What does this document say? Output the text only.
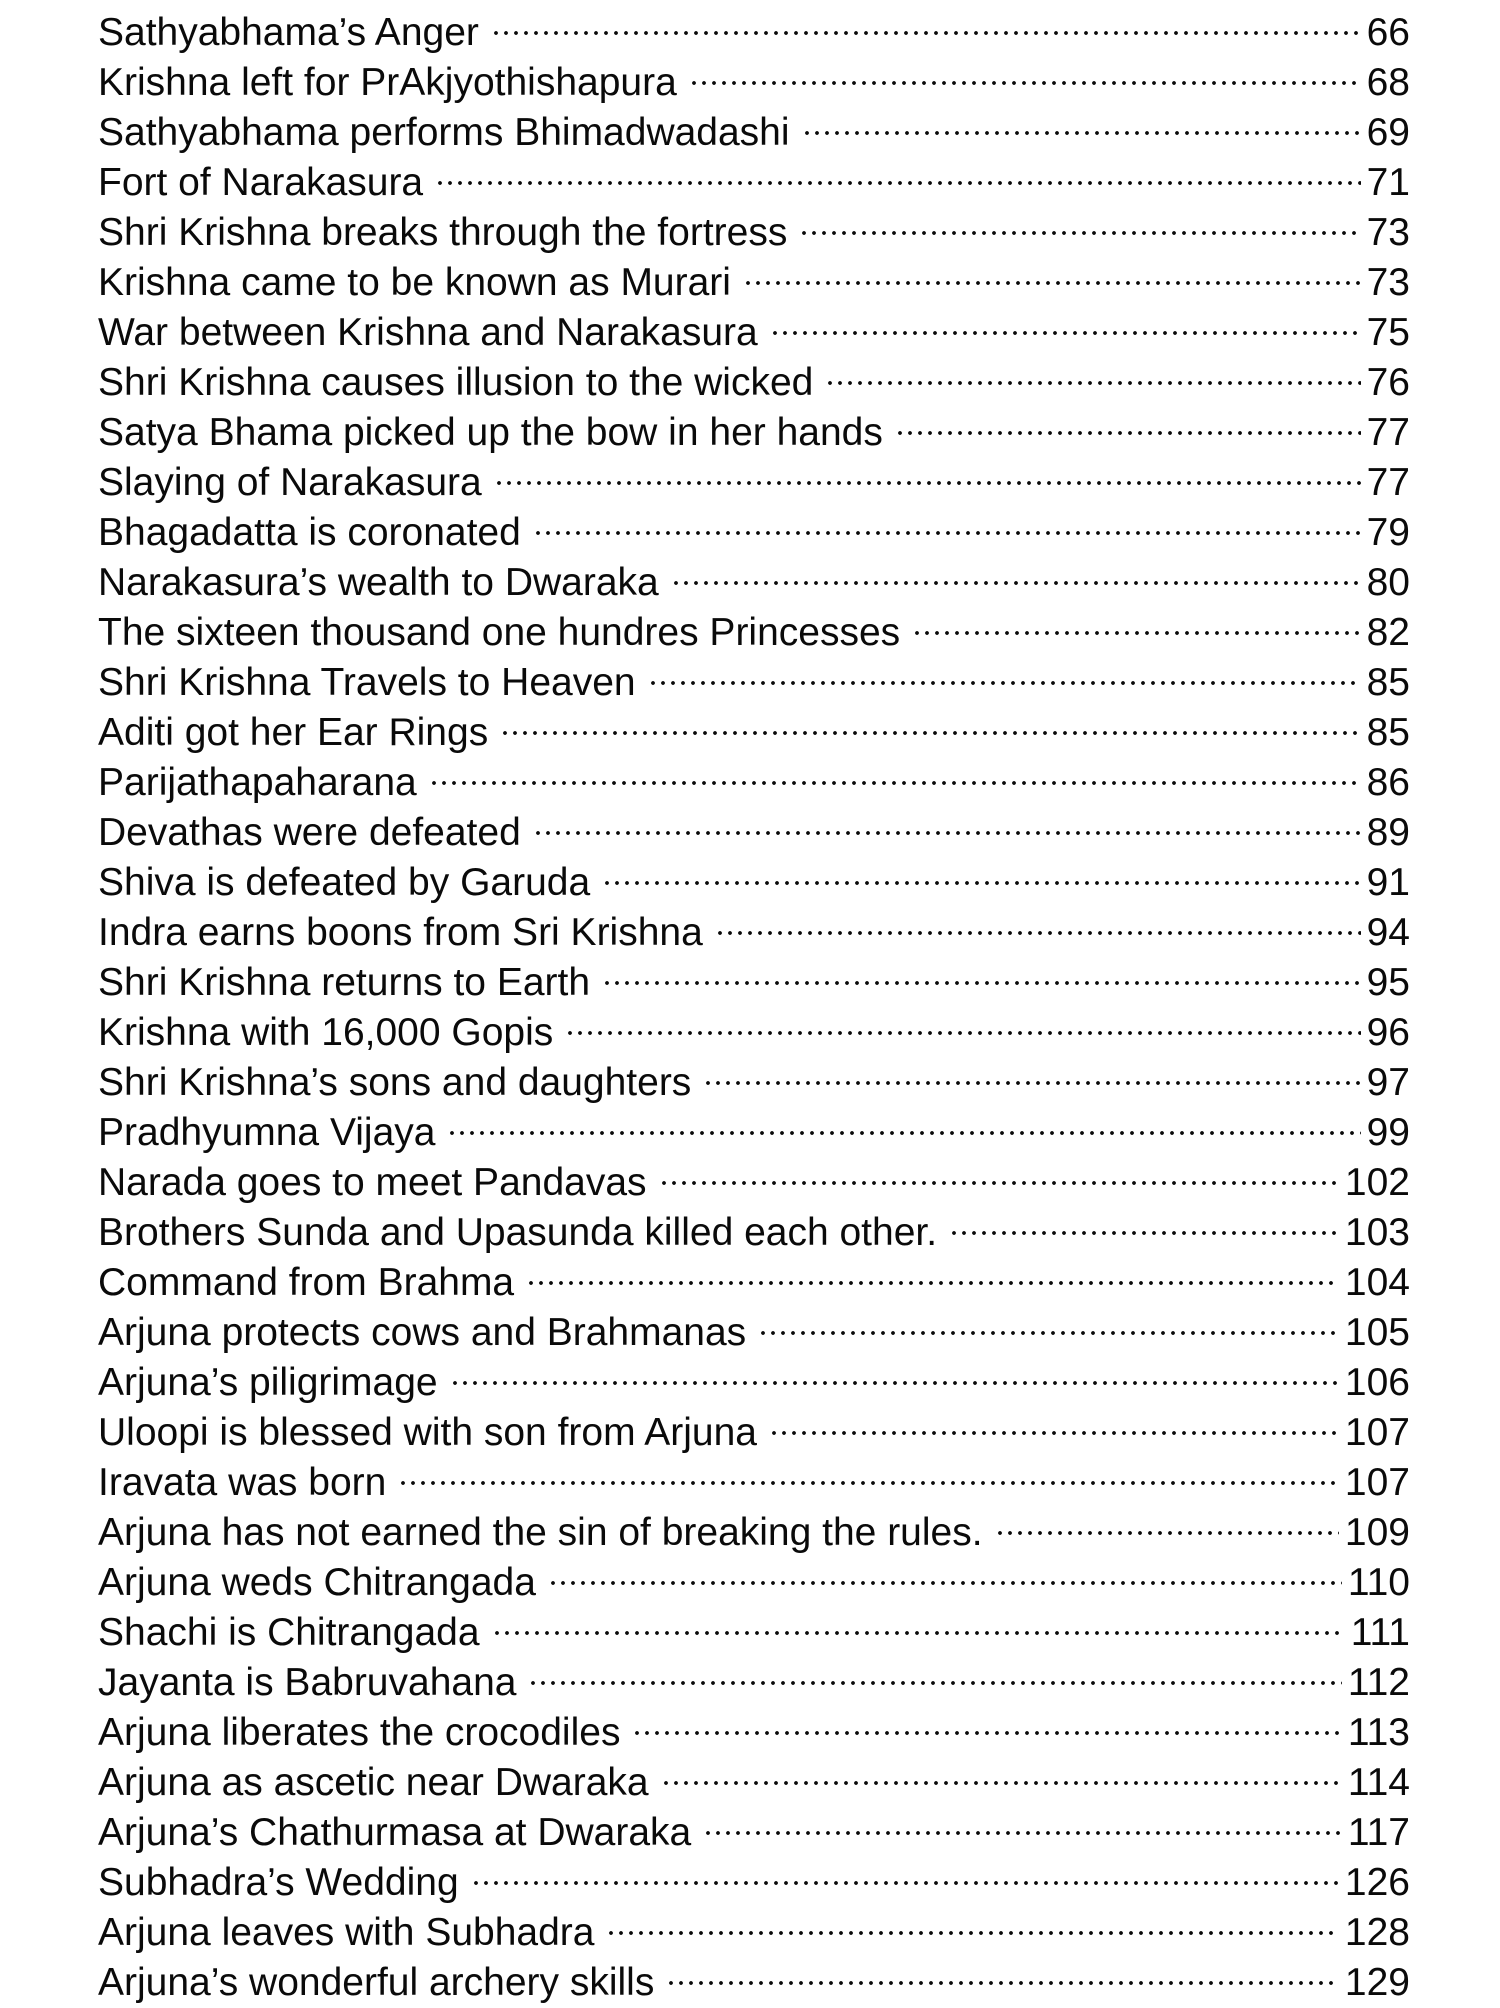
Sathyabhama’s Anger	66
Krishna left for PrAkjyothishapura	68
Sathyabhama performs Bhimadwadashi	69
Fort of Narakasura	71
Shri Krishna breaks through the fortress	73
Krishna came to be known as Murari	73
War between Krishna and Narakasura	75
Shri Krishna causes illusion to the wicked	76
Satya Bhama picked up the bow in her hands	77
Slaying of Narakasura	77
Bhagadatta is coronated	79
Narakasura’s wealth to Dwaraka	80
The sixteen thousand one hundres Princesses	82
Shri Krishna Travels to Heaven	85
Aditi got her Ear Rings	85
Parijathapaharana	86
Devathas were defeated	89
Shiva is defeated by Garuda	91
Indra earns boons from Sri Krishna	94
Shri Krishna returns to Earth	95
Krishna with 16,000 Gopis	96
Shri Krishna’s sons and daughters	97
Pradhyumna Vijaya	99
Narada goes to meet Pandavas	102
Brothers Sunda and Upasunda killed each other.	103
Command from Brahma	104
Arjuna protects cows and Brahmanas	105
Arjuna’s piligrimage	106
Uloopi is blessed with son from Arjuna	107
Iravata was born	107
Arjuna has not earned the sin of breaking the rules.	109
Arjuna weds Chitrangada	110
Shachi is Chitrangada	111
Jayanta is Babruvahana	112
Arjuna liberates the crocodiles	113
Arjuna as ascetic near Dwaraka	114
Arjuna’s Chathurmasa at Dwaraka	117
Subhadra’s Wedding	126
Arjuna leaves with Subhadra	128
Arjuna’s wonderful archery skills	129
